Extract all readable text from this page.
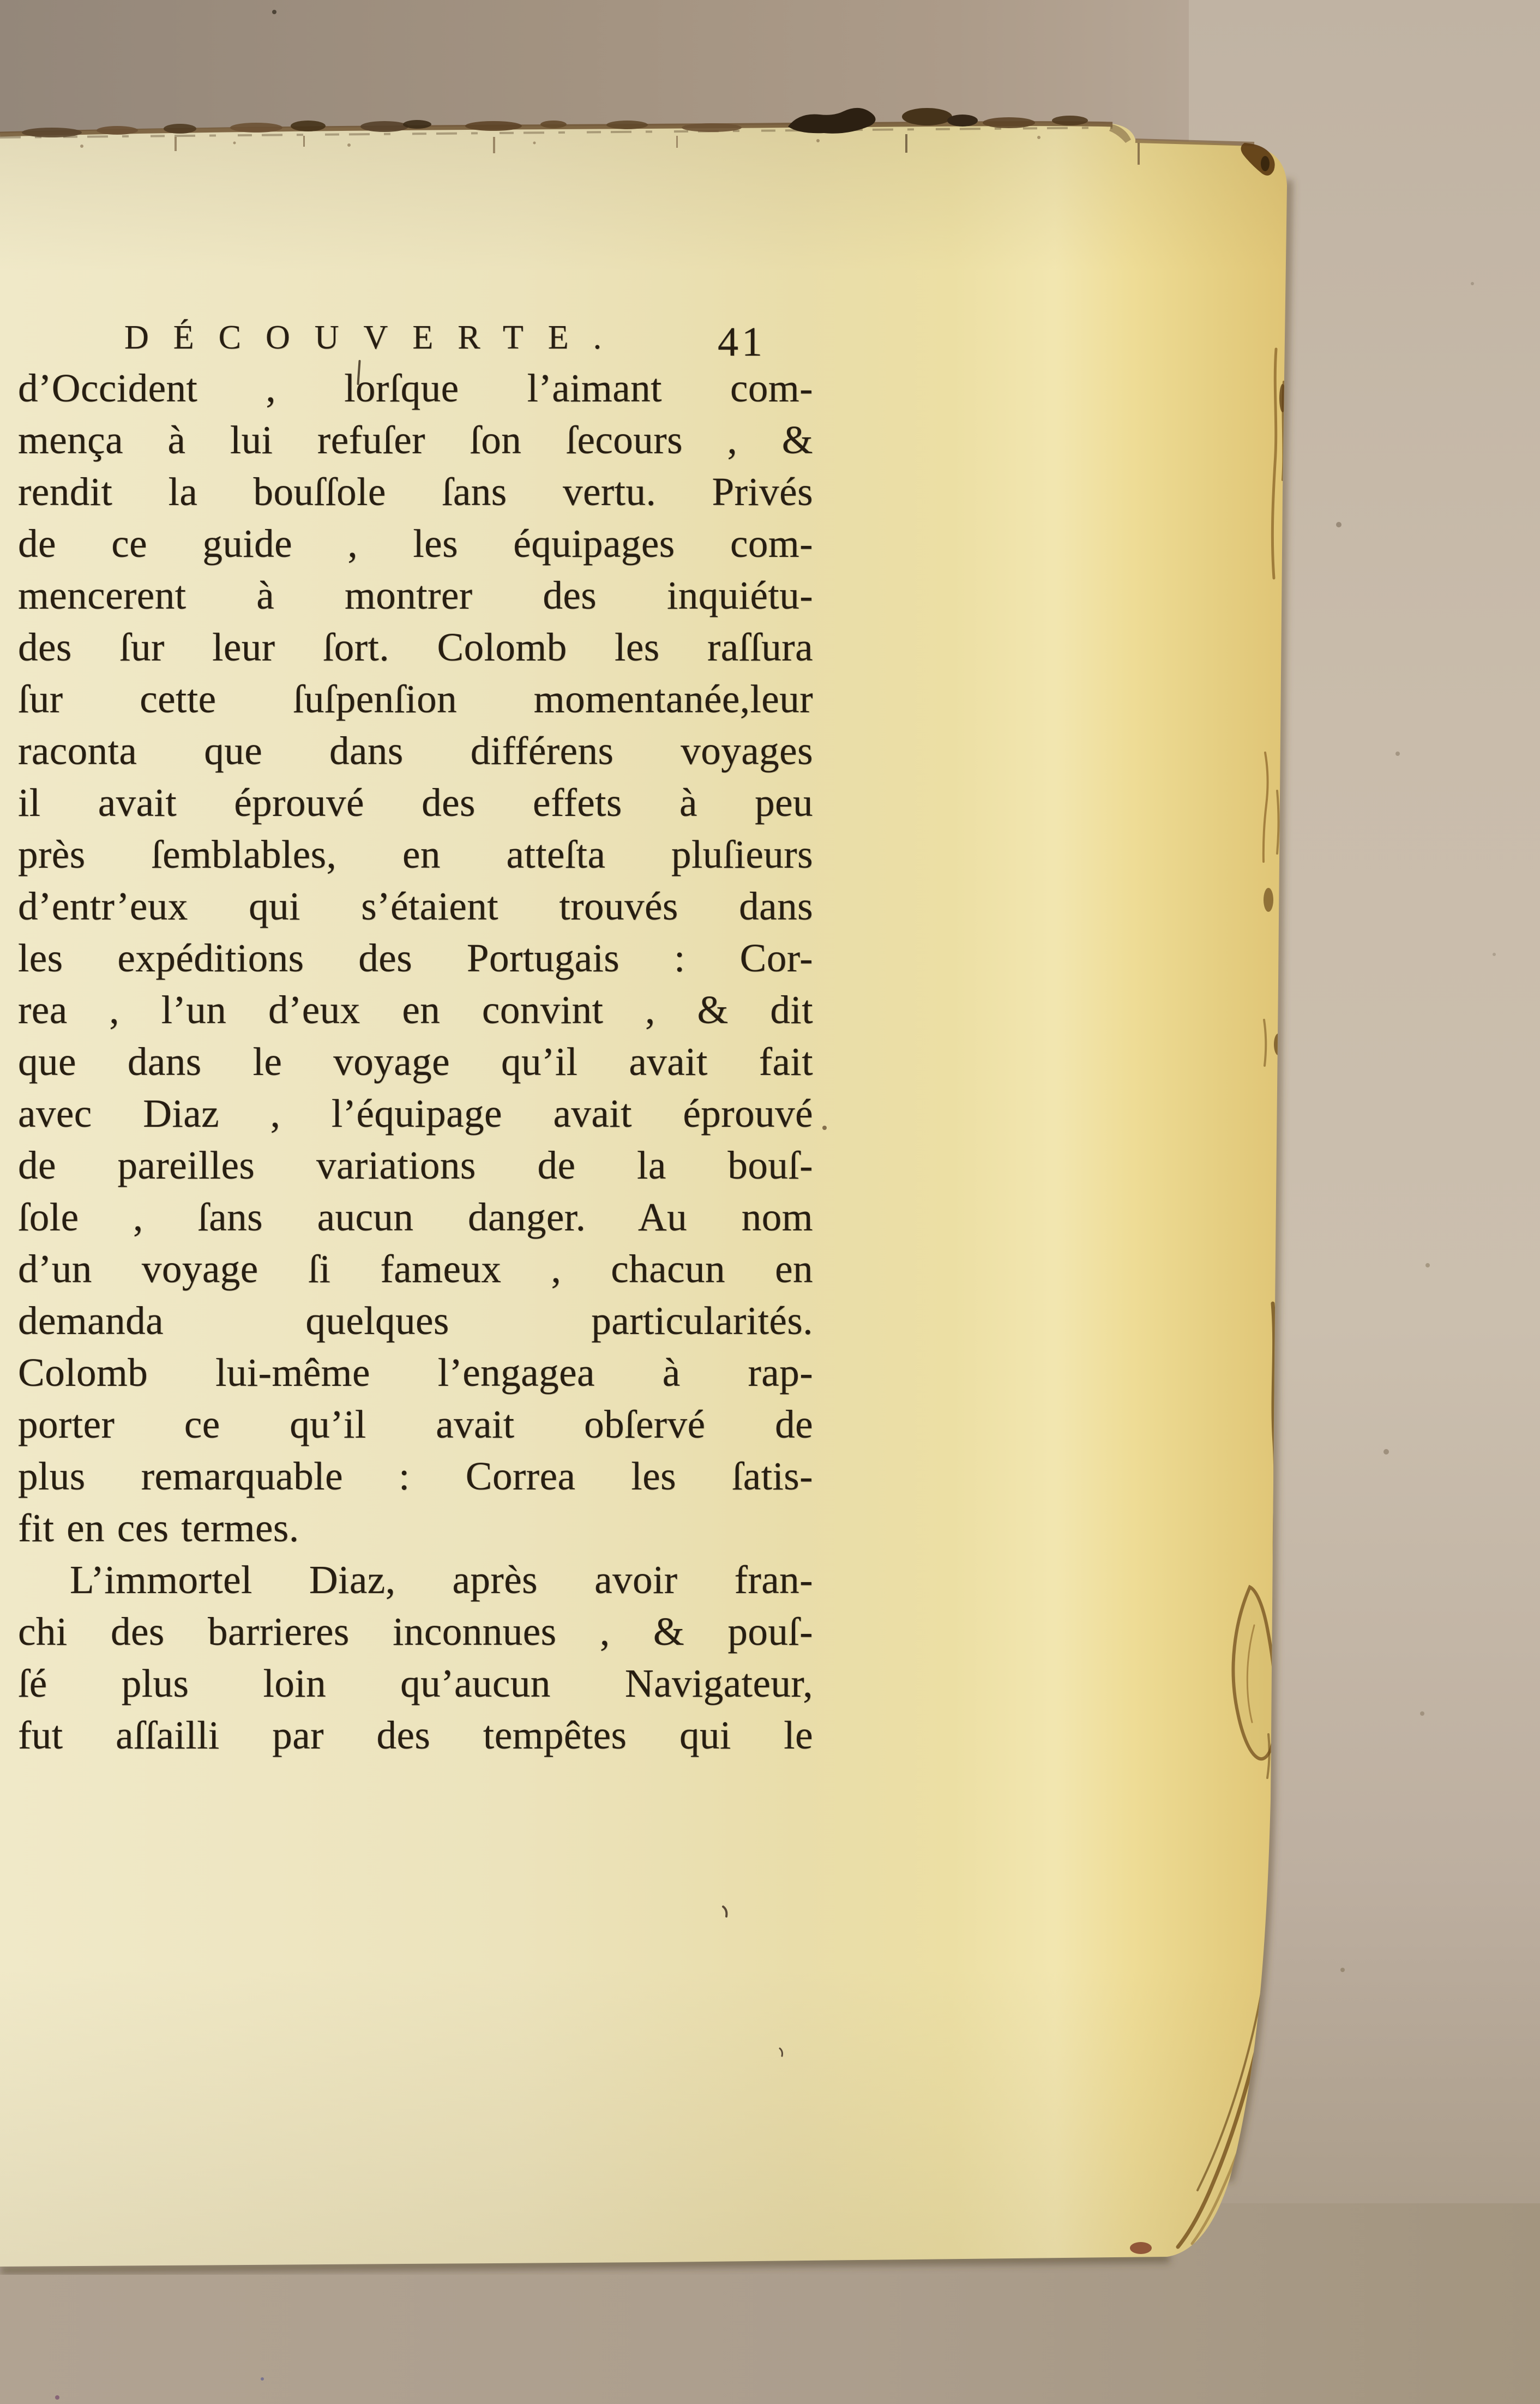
DÉCOUVERTE. 41
d’Occident , lorſque l’aimant com-
mença à lui refuſer ſon ſecours , &
rendit la bouſſole ſans vertu. Privés
de ce guide , les équipages com-
mencerent à montrer des inquiétu-
des ſur leur ſort. Colomb les raſſura
ſur cette ſuſpenſion momentanée,leur
raconta que dans différens voyages
il avait éprouvé des effets à peu
près ſemblables, en atteſta pluſieurs
d’entr’eux qui s’étaient trouvés dans
les expéditions des Portugais : Cor-
rea , l’un d’eux en convint , & dit
que dans le voyage qu’il avait fait
avec Diaz , l’équipage avait éprouvé
de pareilles variations de la bouſ-
ſole , ſans aucun danger. Au nom
d’un voyage ſi fameux , chacun en
demanda quelques particularités.
Colomb lui-même l’engagea à rap-
porter ce qu’il avait obſervé de
plus remarquable : Correa les ſatis-
fit en ces termes.
L’immortel Diaz, après avoir fran-
chi des barrieres inconnues , & pouſ-
ſé plus loin qu’aucun Navigateur,
fut aſſailli par des tempêtes qui le
